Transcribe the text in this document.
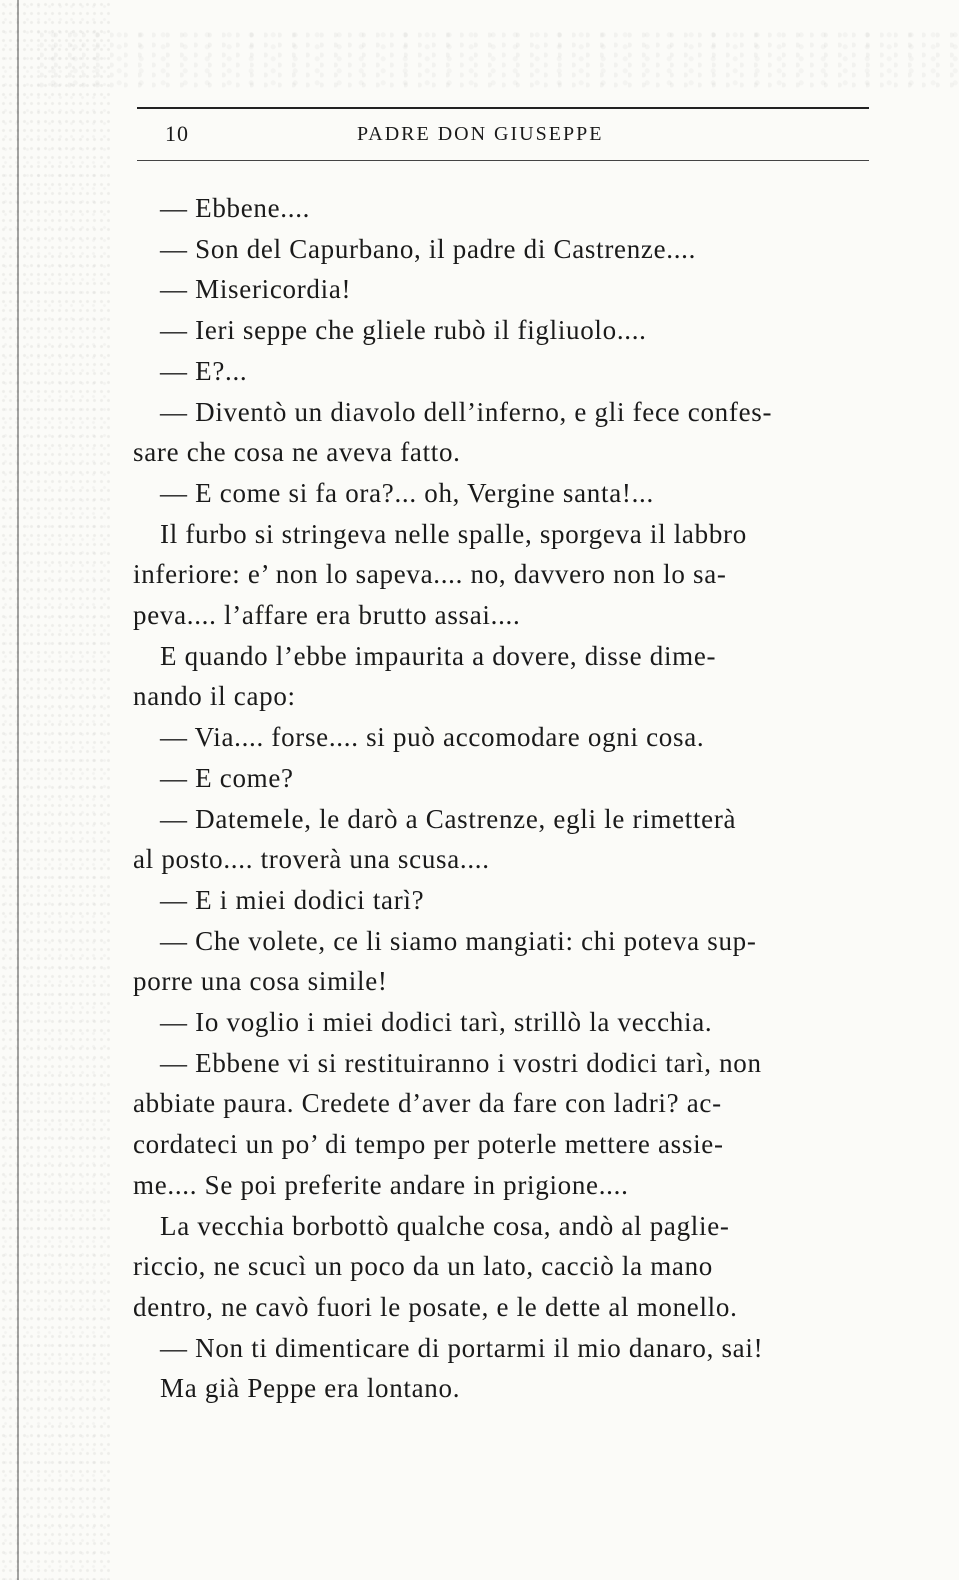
10	PADRE DON GIUSEPPE

— Ebbene....

— Son del Capurbano, il padre di Castrenze....

— Misericordia!

— Ieri seppe che gliele rubò il figliuolo....

— E?...

— Diventò un diavolo dell’inferno, e gli fece confes-
sare che cosa ne aveva fatto.

— E come si fa ora?... oh, Vergine santa!...

Il furbo si stringeva nelle spalle, sporgeva il labbro
inferiore: e’ non lo sapeva.... no, davvero non lo sa-
peva.... l’affare era brutto assai....

E quando l’ebbe impaurita a dovere, disse dime-
nando il capo:

— Via.... forse.... si può accomodare ogni cosa.

— E come?

— Datemele, le darò a Castrenze, egli le rimetterà
al posto.... troverà una scusa....

— E i miei dodici tarì?

— Che volete, ce li siamo mangiati: chi poteva sup-
porre una cosa simile!

— Io voglio i miei dodici tarì, strillò la vecchia.

— Ebbene vi si restituiranno i vostri dodici tarì, non
abbiate paura. Credete d’aver da fare con ladri? ac-
cordateci un po’ di tempo per poterle mettere assie-
me.... Se poi preferite andare in prigione....

La vecchia borbottò qualche cosa, andò al paglie-
riccio, ne scucì un poco da un lato, cacciò la mano
dentro, ne cavò fuori le posate, e le dette al monello.

— Non ti dimenticare di portarmi il mio danaro, sai!

Ma già Peppe era lontano.
